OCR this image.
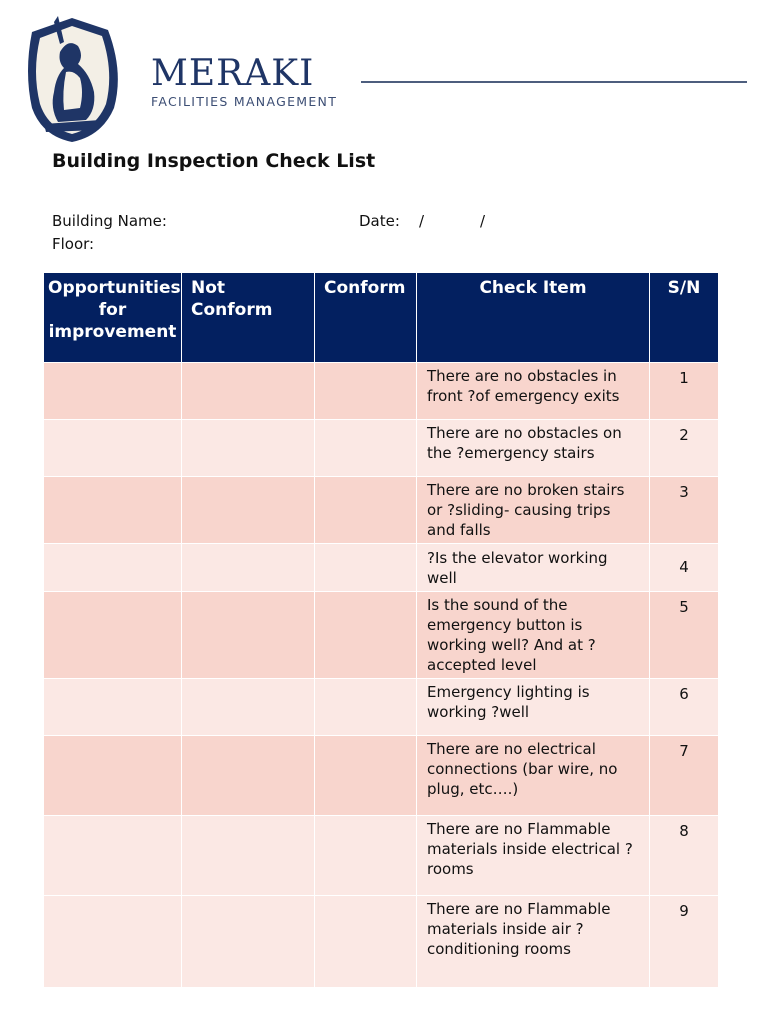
MERAKI
FACILITIES MANAGEMENT
Building Inspection Check List
Building Name:	Date: /	/
Floor:
Opportunities for improvement	Not Conform	Conform	Check Item	S/N
			There are no obstacles in front ?of emergency exits	1
			There are no obstacles on the ?emergency stairs	2
			There are no broken stairs or ?sliding- causing trips and falls	3
			?Is the elevator working well	4
			Is the sound of the emergency button is working well? And at ?accepted level	5
			Emergency lighting is working ?well	6
			There are no electrical connections (bar wire, no plug, etc….)	7
			There are no Flammable materials inside electrical ?rooms	8
			There are no Flammable materials inside air ?conditioning rooms	9
